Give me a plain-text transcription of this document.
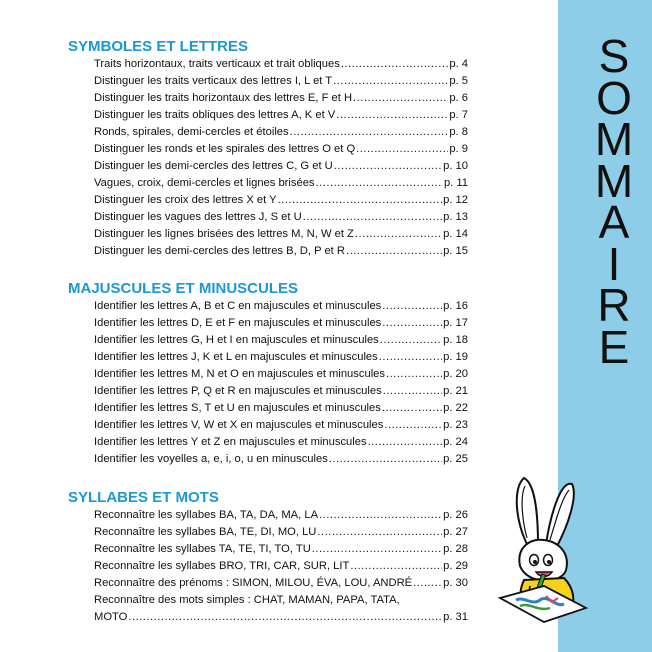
S
O
M
M
A
I
R
E
SYMBOLES ET LETTRES
Traits horizontaux, traits verticaux et trait obliques .....	p. 4
Distinguer les traits verticaux des lettres I, L et T .....	p. 5
Distinguer les traits horizontaux des lettres E, F et H .....	p. 6
Distinguer les traits obliques des lettres A, K et V .....	p. 7
Ronds, spirales, demi-cercles et étoiles .....	p. 8
Distinguer les ronds et les spirales des lettres O et Q .....	p. 9
Distinguer les demi-cercles des lettres C, G et U .....	p. 10
Vagues, croix, demi-cercles et lignes brisées .....	p. 11
Distinguer les croix des lettres X et Y .....	p. 12
Distinguer les vagues des lettres J, S et U .....	p. 13
Distinguer les lignes brisées des lettres M, N, W et Z .....	p. 14
Distinguer les demi-cercles des lettres B, D, P et R .....	p. 15
MAJUSCULES ET MINUSCULES
Identifier les lettres A, B et C en majuscules et minuscules .....	p. 16
Identifier les lettres D, E et F en majuscules et minuscules .....	p. 17
Identifier les lettres G, H et I en majuscules et minuscules .....	p. 18
Identifier les lettres J, K et L en majuscules et minuscules .....	p. 19
Identifier les lettres M, N et O en majuscules et minuscules .....	p. 20
Identifier les lettres P, Q et R en majuscules et minuscules .....	p. 21
Identifier les lettres S, T et U en majuscules et minuscules .....	p. 22
Identifier les lettres V, W et X en majuscules et minuscules .....	p. 23
Identifier les lettres Y et Z en majuscules et minuscules .....	p. 24
Identifier les voyelles a, e, i, o, u en minuscules .....	p. 25
SYLLABES ET MOTS
Reconnaître les syllabes BA, TA, DA, MA, LA .....	p. 26
Reconnaître les syllabes BA, TE, DI, MO, LU .....	p. 27
Reconnaître les syllabes TA, TE, TI, TO, TU .....	p. 28
Reconnaître les syllabes BRO, TRI, CAR, SUR, LIT .....	p. 29
Reconnaître des prénoms : SIMON, MILOU, ÉVA, LOU, ANDRÉ .....	p. 30
Reconnaître des mots simples : CHAT, MAMAN, PAPA, TATA,
MOTO .....	p. 31
